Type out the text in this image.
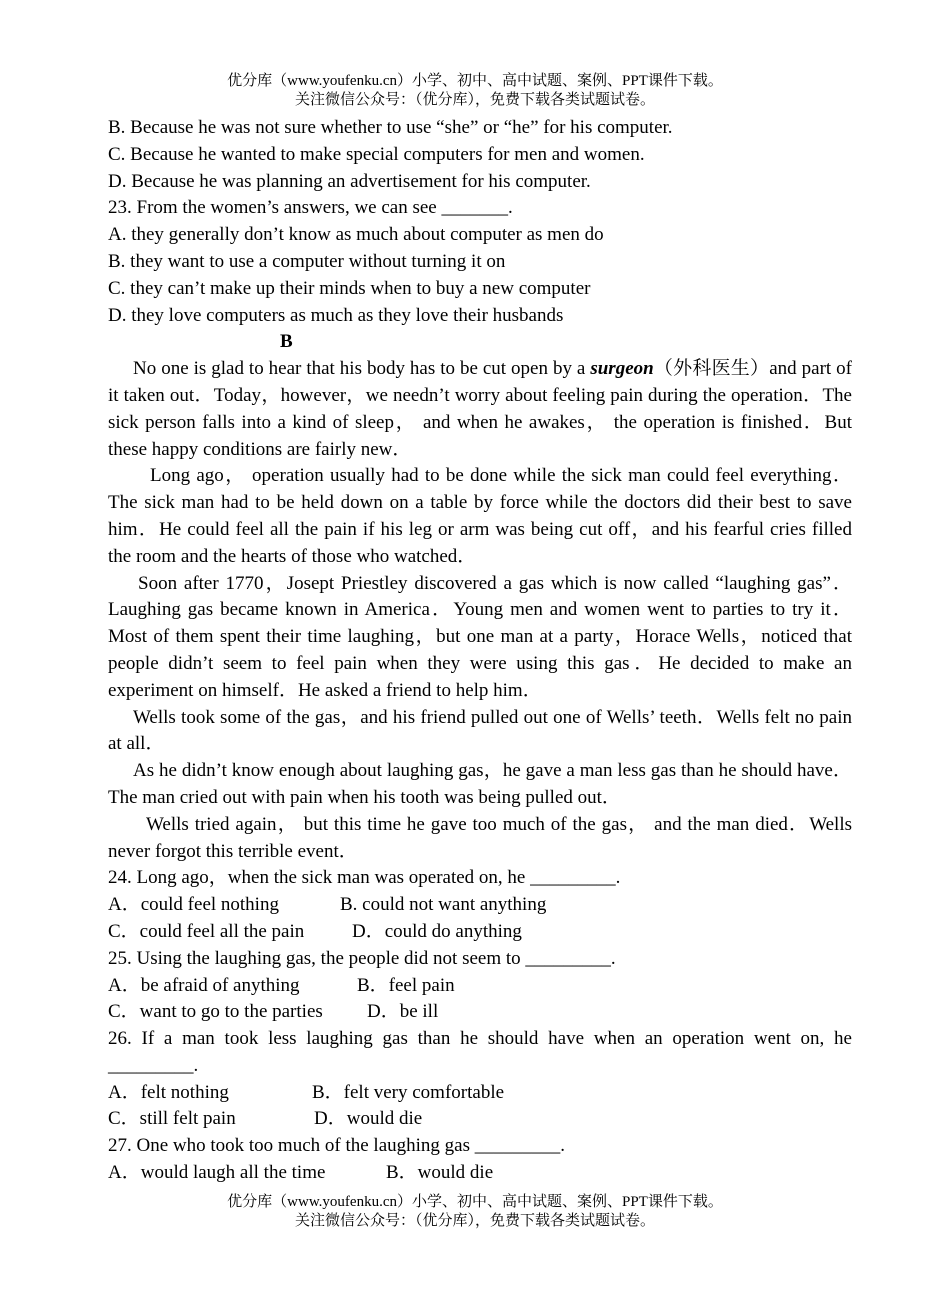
优分库（www.youfenku.cn）小学、初中、高中试题、案例、PPT课件下载。
关注微信公众号：（优分库），免费下载各类试题试卷。
B. Because he was not sure whether to use “she” or “he” for his computer.
C. Because he wanted to make special computers for men and women.
D. Because he was planning an advertisement for his computer.
23. From the women’s answers, we can see _______.
A. they generally don’t know as much about computer as men do
B. they want to use a computer without turning it on
C. they can’t make up their minds when to buy a new computer
D. they love computers as much as they love their husbands
B
No one is glad to hear that his body has to be cut open by a surgeon（外科医生）and part of it taken out．Today，however，we needn’t worry about feeling pain during the operation．The sick person falls into a kind of sleep， and when he awakes， the operation is finished．But these happy conditions are fairly new．
Long ago， operation usually had to be done while the sick man could feel everything．The sick man had to be held down on a table by force while the doctors did their best to save him．He could feel all the pain if his leg or arm was being cut off，and his fearful cries filled the room and the hearts of those who watched．
Soon after 1770，Josept Priestley discovered a gas which is now called “laughing gas”．Laughing gas became known in America．Young men and women went to parties to try it． Most of them spent their time laughing，but one man at a party，Horace Wells，noticed that people didn’t seem to feel pain when they were using this gas．He decided to make an experiment on himself．He asked a friend to help him．
Wells took some of the gas，and his friend pulled out one of Wells’ teeth．Wells felt no pain at all．
As he didn’t know enough about laughing gas，he gave a man less gas than he should have．The man cried out with pain when his tooth was being pulled out．
Wells tried again， but this time he gave too much of the gas， and the man died．Wells never forgot this terrible event．
24. Long ago，when the sick man was operated on, he _________.
A．could feel nothing	B. could not want anything
C．could feel all the pain	D．could do anything
25. Using the laughing gas, the people did not seem to _________.
A．be afraid of anything	B．feel pain
C．want to go to the parties D．be ill
26. If a man took less laughing gas than he should have when an operation went on, he _________.
A．felt nothing	B．felt very comfortable
C．still felt pain	D．would die
27. One who took too much of the laughing gas _________.
A．would laugh all the time	B．would die
优分库（www.youfenku.cn）小学、初中、高中试题、案例、PPT课件下载。
关注微信公众号：（优分库），免费下载各类试题试卷。
